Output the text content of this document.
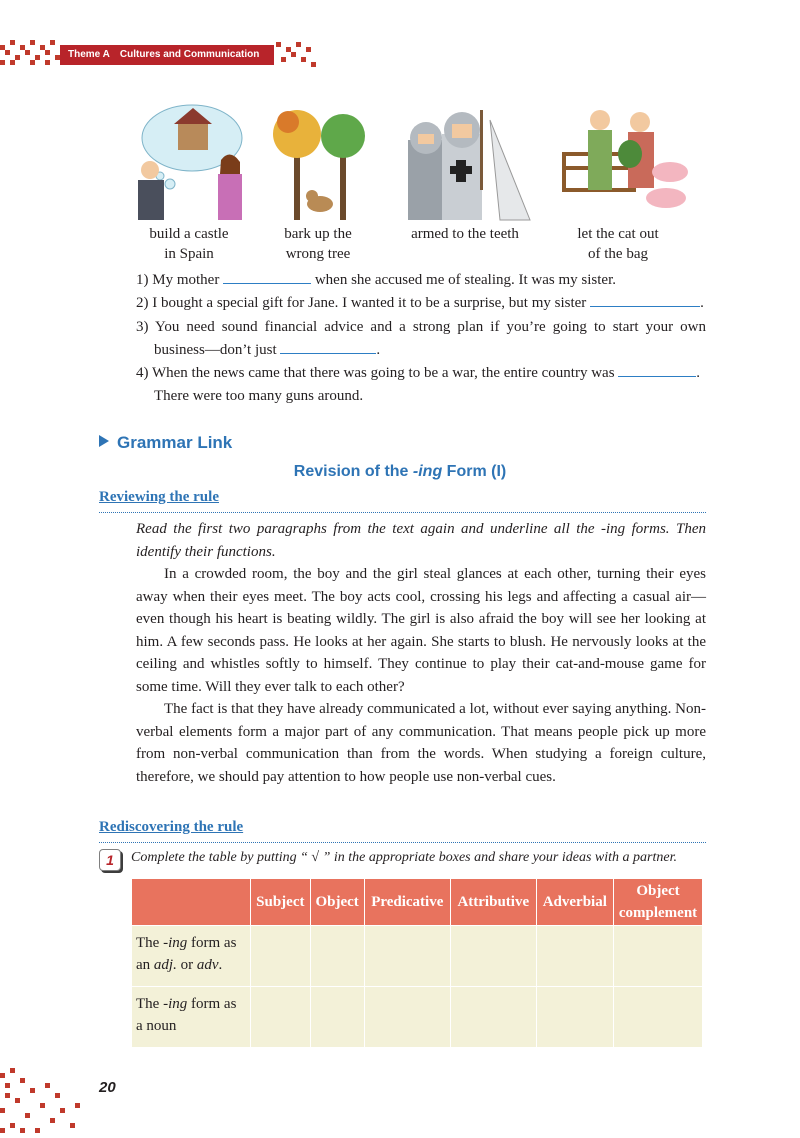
Theme A Cultures and Communication
build a castle
in Spain
bark up the
wrong tree
armed to the teeth	let the cat out
of the bag
1) My mother	when she accused me of stealing. It was my sister.
2) I bought a special gift for Jane. I wanted it to be a surprise, but my sister	.
3) You need sound financial advice and a strong plan if you’re going to start your own
business—don’t just	.
4) When the news came that there was going to be a war, the entire country was	.
There were too many guns around.
Grammar Link
Revision of the -ing Form (I)
Reviewing the rule
Read the first two paragraphs from the text again and underline all the -ing forms. Then identify their functions.
In a crowded room, the boy and the girl steal glances at each other, turning their eyes away when their eyes meet. The boy acts cool, crossing his legs and affecting a casual air—even though his heart is beating wildly. The girl is also afraid the boy will see her looking at him. A few seconds pass. He looks at her again. She starts to blush. He nervously looks at the ceiling and whistles softly to himself. They continue to play their cat-and-mouse game for some time. Will they ever talk to each other?
The fact is that they have already communicated a lot, without ever saying anything. Non-verbal elements form a major part of any communication. That means people pick up more from non-verbal communication than from the words. When studying a foreign culture, therefore, we should pay attention to how people use non-verbal cues.
Rediscovering the rule
1	Complete the table by putting “ √ ” in the appropriate boxes and share your ideas with a partner.
	Subject	Object	Predicative	Attributive	Adverbial	Object complement
The -ing form as an adj. or adv.						
The -ing form as a noun						
20
